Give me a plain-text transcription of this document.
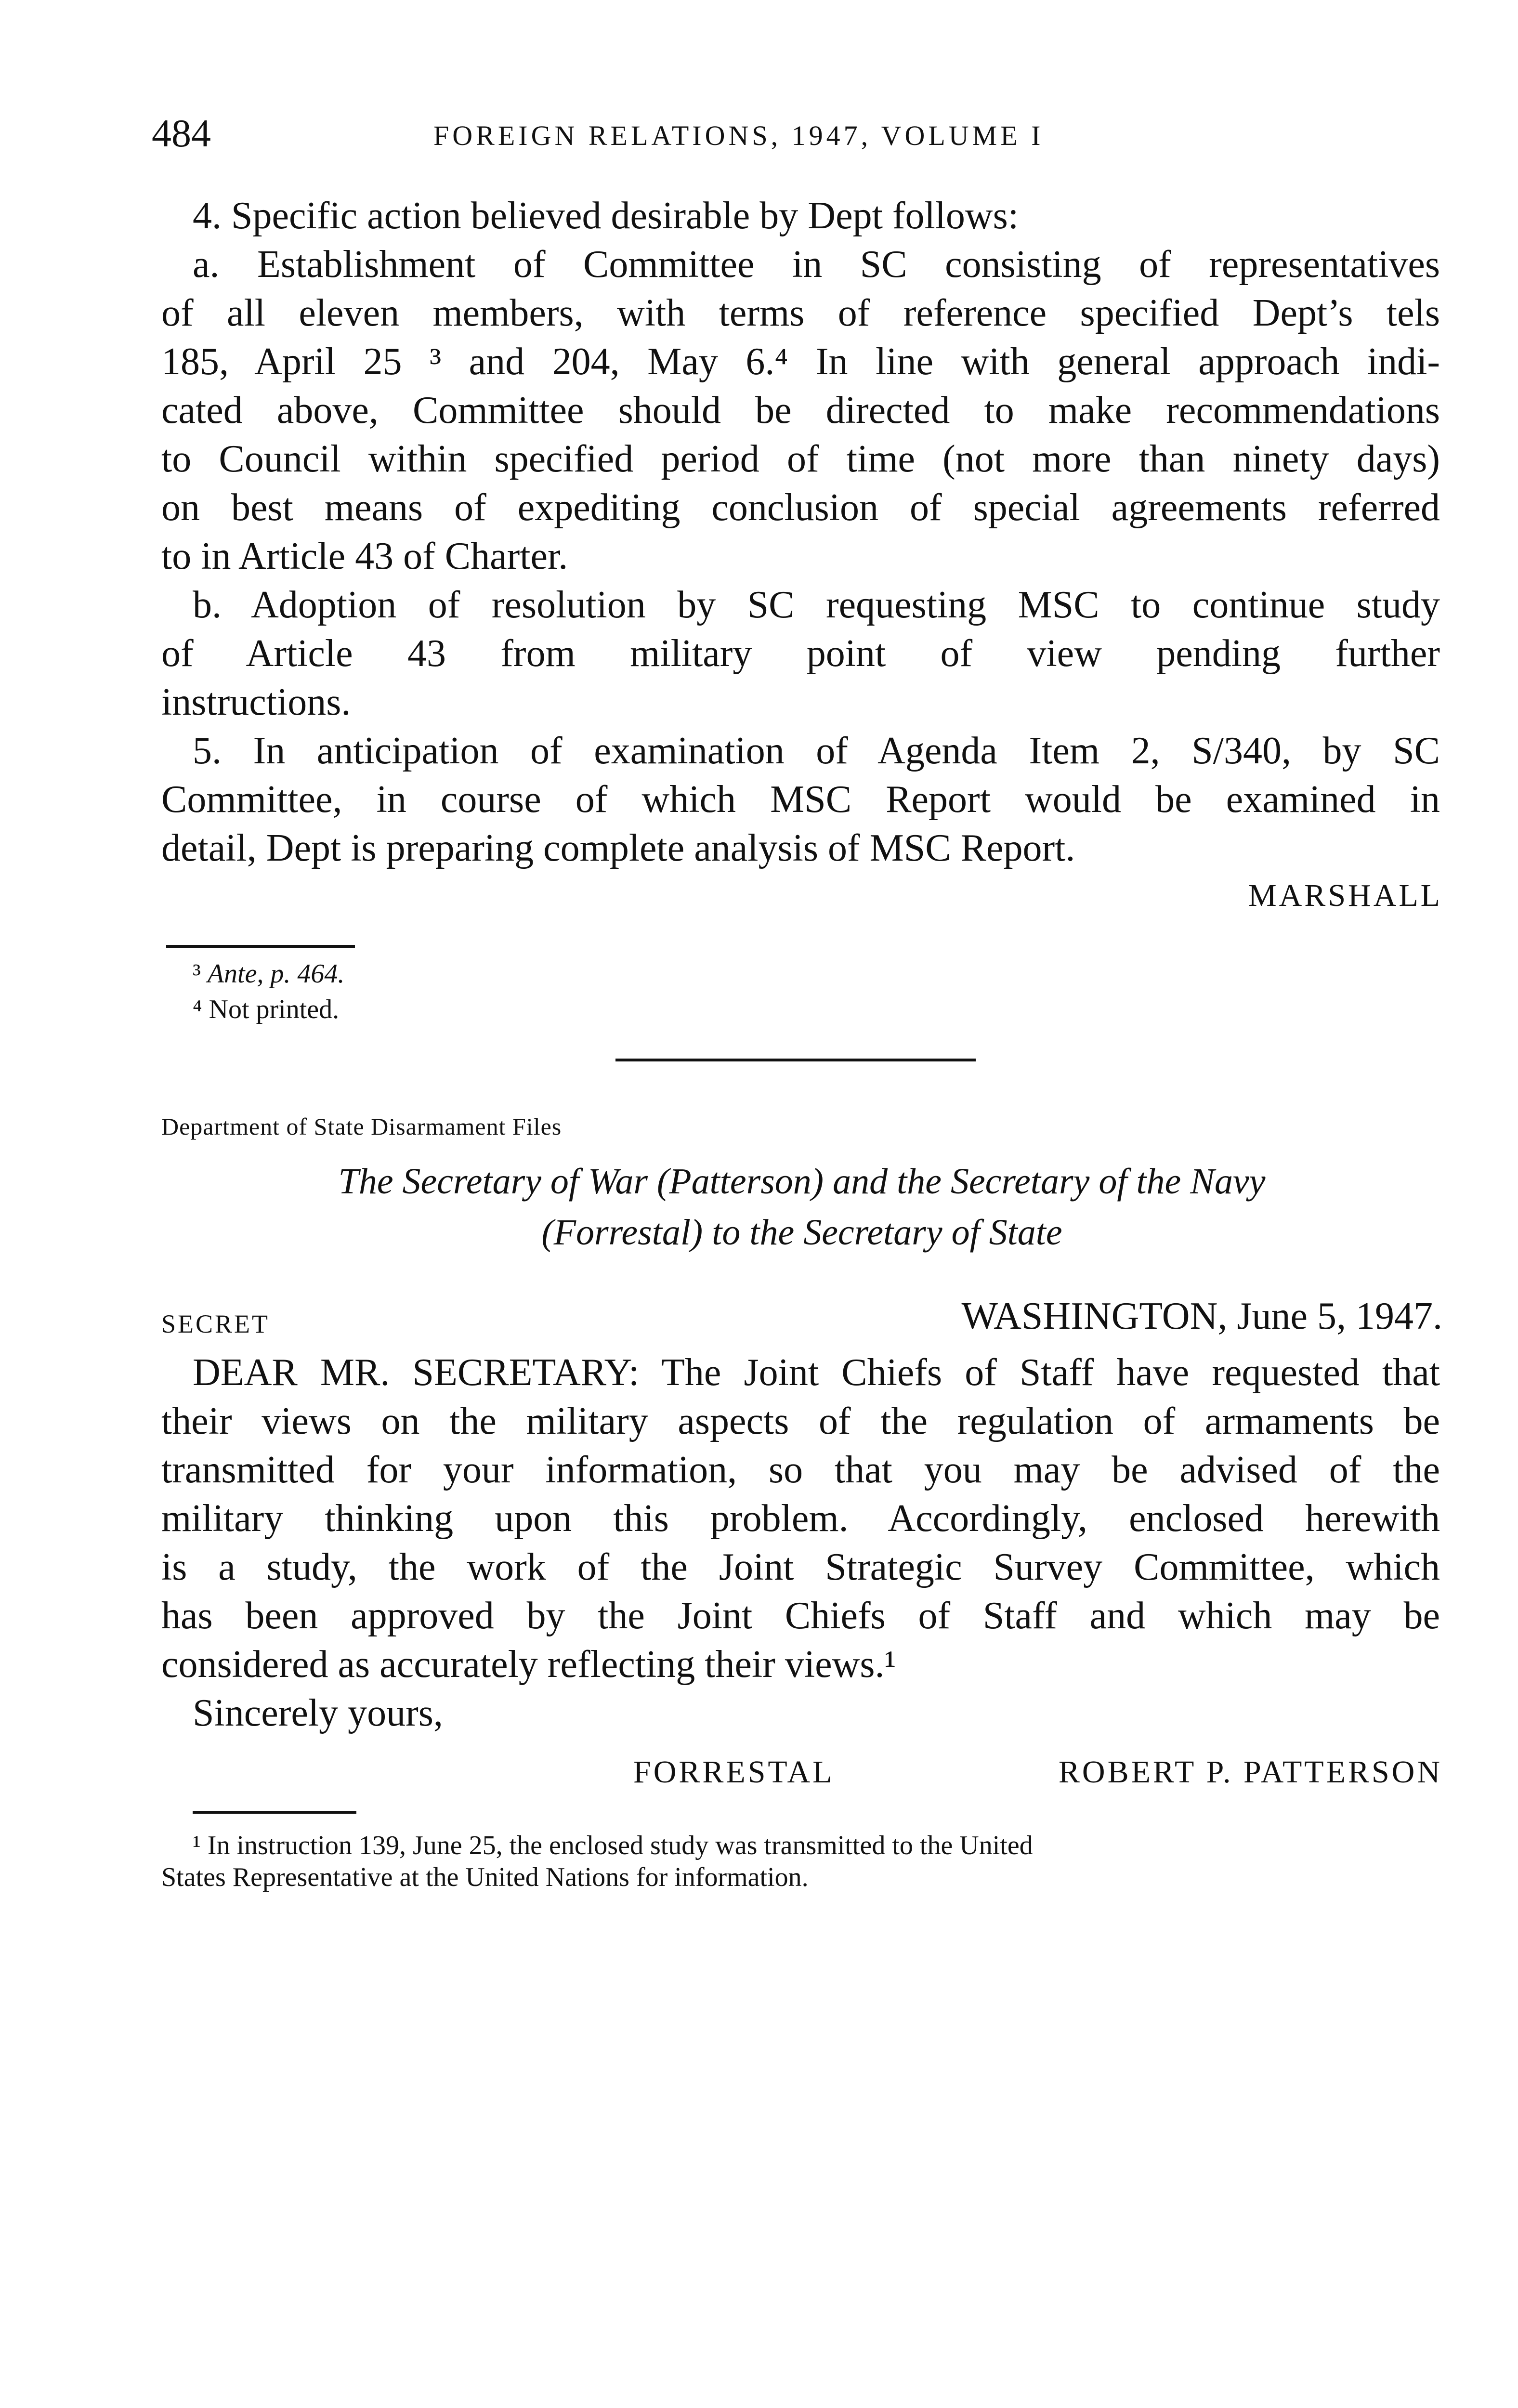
484	FOREIGN RELATIONS, 1947, VOLUME I
4. Specific action believed desirable by Dept follows:
a. Establishment of Committee in SC consisting of representatives
of all eleven members, with terms of reference specified Dept’s tels
185, April 25 ³ and 204, May 6.⁴ In line with general approach indi-
cated above, Committee should be directed to make recommendations
to Council within specified period of time (not more than ninety days)
on best means of expediting conclusion of special agreements referred
to in Article 43 of Charter.
b. Adoption of resolution by SC requesting MSC to continue study
of Article 43 from military point of view pending further
instructions.
5. In anticipation of examination of Agenda Item 2, S/340, by SC
Committee, in course of which MSC Report would be examined in
detail, Dept is preparing complete analysis of MSC Report.
MARSHALL
³ Ante, p. 464.
⁴ Not printed.
Department of State Disarmament Files
The Secretary of War (Patterson) and the Secretary of the Navy
(Forrestal) to the Secretary of State
SECRET	WASHINGTON, June 5, 1947.
DEAR MR. SECRETARY: The Joint Chiefs of Staff have requested that
their views on the military aspects of the regulation of armaments be
transmitted for your information, so that you may be advised of the
military thinking upon this problem. Accordingly, enclosed herewith
is a study, the work of the Joint Strategic Survey Committee, which
has been approved by the Joint Chiefs of Staff and which may be
considered as accurately reflecting their views.¹
Sincerely yours,
FORRESTAL	ROBERT P. PATTERSON
¹ In instruction 139, June 25, the enclosed study was transmitted to the United
States Representative at the United Nations for information.
